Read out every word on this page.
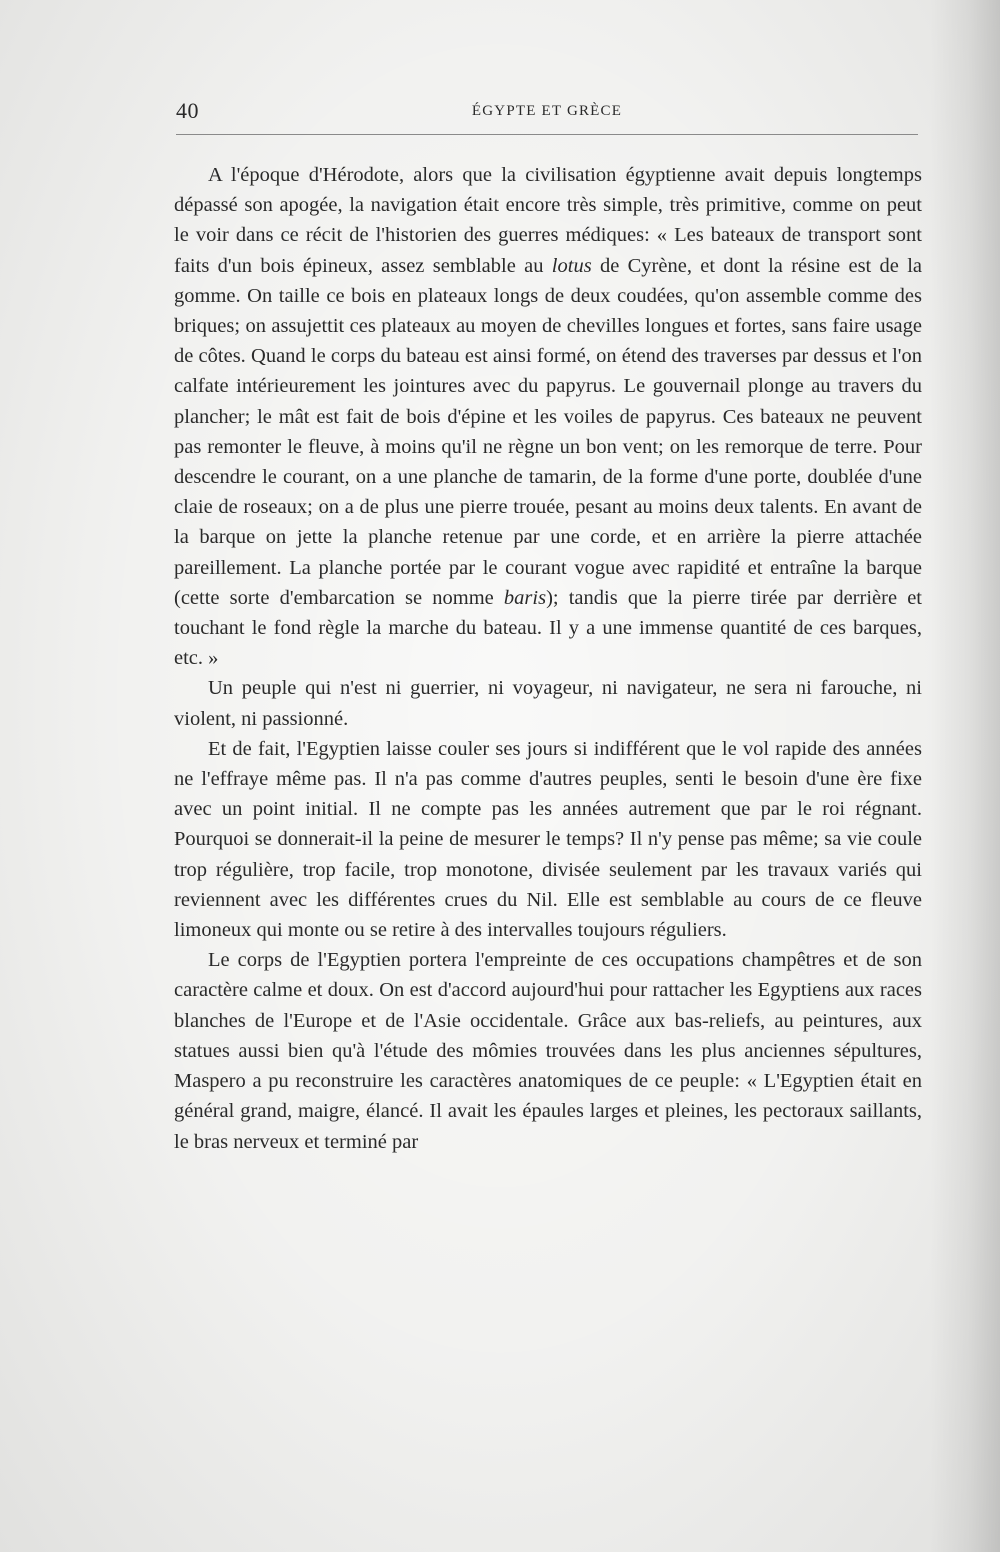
40	ÉGYPTE ET GRÈCE

A l'époque d'Hérodote, alors que la civilisation égyptienne avait depuis longtemps dépassé son apogée, la navigation était encore très simple, très primitive, comme on peut le voir dans ce récit de l'historien des guerres médiques: « Les bateaux de transport sont faits d'un bois épineux, assez semblable au lotus de Cyrène, et dont la résine est de la gomme. On taille ce bois en plateaux longs de deux coudées, qu'on assemble comme des briques; on assujettit ces plateaux au moyen de chevilles longues et fortes, sans faire usage de côtes. Quand le corps du bateau est ainsi formé, on étend des traverses par dessus et l'on calfate intérieurement les jointures avec du papyrus. Le gouvernail plonge au travers du plancher; le mât est fait de bois d'épine et les voiles de papyrus. Ces bateaux ne peuvent pas remonter le fleuve, à moins qu'il ne règne un bon vent; on les remorque de terre. Pour descendre le courant, on a une planche de tamarin, de la forme d'une porte, doublée d'une claie de roseaux; on a de plus une pierre trouée, pesant au moins deux talents. En avant de la barque on jette la planche retenue par une corde, et en arrière la pierre attachée pareillement. La planche portée par le courant vogue avec rapidité et entraîne la barque (cette sorte d'embarcation se nomme baris); tandis que la pierre tirée par derrière et touchant le fond règle la marche du bateau. Il y a une immense quantité de ces barques, etc. »

Un peuple qui n'est ni guerrier, ni voyageur, ni navigateur, ne sera ni farouche, ni violent, ni passionné.

Et de fait, l'Egyptien laisse couler ses jours si indifférent que le vol rapide des années ne l'effraye même pas. Il n'a pas comme d'autres peuples, senti le besoin d'une ère fixe avec un point initial. Il ne compte pas les années autrement que par le roi régnant. Pourquoi se donnerait-il la peine de mesurer le temps? Il n'y pense pas même; sa vie coule trop régulière, trop facile, trop monotone, divisée seulement par les travaux variés qui reviennent avec les différentes crues du Nil. Elle est semblable au cours de ce fleuve limoneux qui monte ou se retire à des intervalles toujours réguliers.

Le corps de l'Egyptien portera l'empreinte de ces occupations champêtres et de son caractère calme et doux. On est d'accord aujourd'hui pour rattacher les Egyptiens aux races blanches de l'Europe et de l'Asie occidentale. Grâce aux bas-reliefs, au peintures, aux statues aussi bien qu'à l'étude des mômies trouvées dans les plus anciennes sépultures, Maspero a pu reconstruire les caractères anatomiques de ce peuple: « L'Egyptien était en général grand, maigre, élancé. Il avait les épaules larges et pleines, les pectoraux saillants, le bras nerveux et terminé par
